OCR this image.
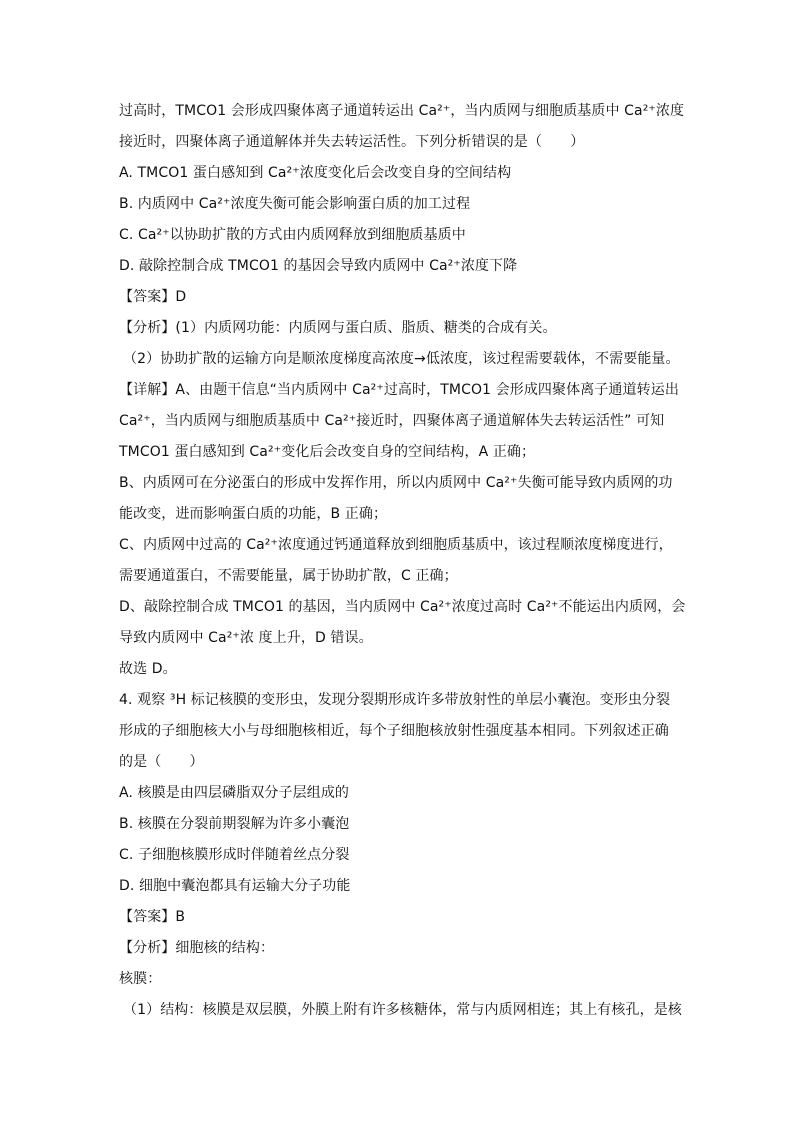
过高时，TMCO1 会形成四聚体离子通道转运出 Ca²⁺，当内质网与细胞质基质中 Ca²⁺浓度
接近时，四聚体离子通道解体并失去转运活性。下列分析错误的是（　　）
A. TMCO1 蛋白感知到 Ca²⁺浓度变化后会改变自身的空间结构
B. 内质网中 Ca²⁺浓度失衡可能会影响蛋白质的加工过程
C. Ca²⁺以协助扩散的方式由内质网释放到细胞质基质中
D. 敲除控制合成 TMCO1 的基因会导致内质网中 Ca²⁺浓度下降
【答案】D
【分析】(1）内质网功能：内质网与蛋白质、脂质、糖类的合成有关。
（2）协助扩散的运输方向是顺浓度梯度高浓度→低浓度，该过程需要载体，不需要能量。
【详解】A、由题干信息“当内质网中 Ca²⁺过高时，TMCO1 会形成四聚体离子通道转运出
Ca²⁺，当内质网与细胞质基质中 Ca²⁺接近时，四聚体离子通道解体失去转运活性” 可知
TMCO1 蛋白感知到 Ca²⁺变化后会改变自身的空间结构，A 正确；
B、内质网可在分泌蛋白的形成中发挥作用，所以内质网中 Ca²⁺失衡可能导致内质网的功
能改变，进而影响蛋白质的功能，B 正确；
C、内质网中过高的 Ca²⁺浓度通过钙通道释放到细胞质基质中，该过程顺浓度梯度进行，
需要通道蛋白，不需要能量，属于协助扩散，C 正确；
D、敲除控制合成 TMCO1 的基因，当内质网中 Ca²⁺浓度过高时 Ca²⁺不能运出内质网，会
导致内质网中 Ca²⁺浓 度上升，D 错误。
故选 D。
4. 观察 ³H 标记核膜的变形虫，发现分裂期形成许多带放射性的单层小囊泡。变形虫分裂
形成的子细胞核大小与母细胞核相近，每个子细胞核放射性强度基本相同。下列叙述正确
的是（　　）
A. 核膜是由四层磷脂双分子层组成的
B. 核膜在分裂前期裂解为许多小囊泡
C. 子细胞核膜形成时伴随着丝点分裂
D. 细胞中囊泡都具有运输大分子功能
【答案】B
【分析】细胞核的结构：
核膜：
（1）结构：核膜是双层膜，外膜上附有许多核糖体，常与内质网相连；其上有核孔，是核
